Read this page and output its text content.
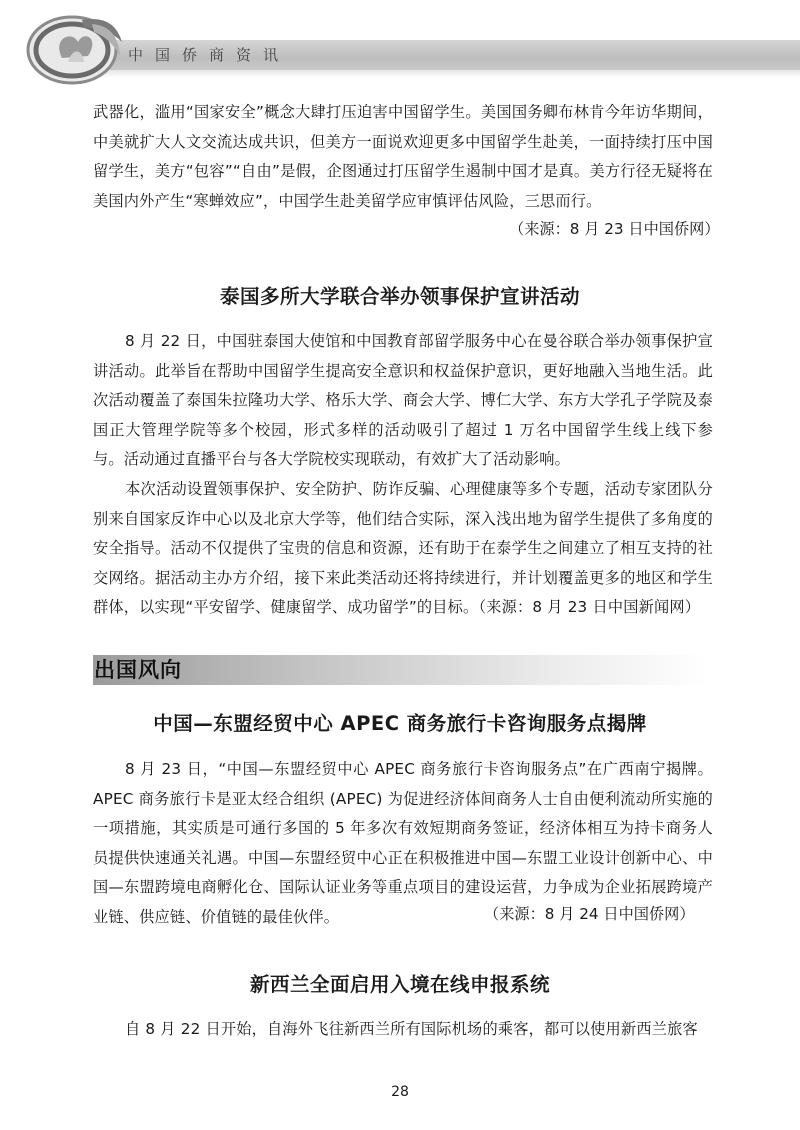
中国侨商资讯

武器化，滥用“国家安全”概念大肆打压迫害中国留学生。美国国务卿布林肯今年访华期间，中美就扩大人文交流达成共识，但美方一面说欢迎更多中国留学生赴美，一面持续打压中国留学生，美方“包容”“自由”是假，企图通过打压留学生遏制中国才是真。美方行径无疑将在美国内外产生“寒蝉效应”，中国学生赴美留学应审慎评估风险，三思而行。

（来源：8 月 23 日中国侨网）
泰国多所大学联合举办领事保护宣讲活动

8 月 22 日，中国驻泰国大使馆和中国教育部留学服务中心在曼谷联合举办领事保护宣讲活动。此举旨在帮助中国留学生提高安全意识和权益保护意识，更好地融入当地生活。此次活动覆盖了泰国朱拉隆功大学、格乐大学、商会大学、博仁大学、东方大学孔子学院及泰国正大管理学院等多个校园，形式多样的活动吸引了超过 1 万名中国留学生线上线下参与。活动通过直播平台与各大学院校实现联动，有效扩大了活动影响。

本次活动设置领事保护、安全防护、防诈反骗、心理健康等多个专题，活动专家团队分别来自国家反诈中心以及北京大学等，他们结合实际，深入浅出地为留学生提供了多角度的安全指导。活动不仅提供了宝贵的信息和资源，还有助于在泰学生之间建立了相互支持的社交网络。据活动主办方介绍，接下来此类活动还将持续进行，并计划覆盖更多的地区和学生群体，以实现“平安留学、健康留学、成功留学”的目标。（来源：8 月 23 日中国新闻网）

出国风向
中国—东盟经贸中心 APEC 商务旅行卡咨询服务点揭牌

8 月 23 日，“中国—东盟经贸中心 APEC 商务旅行卡咨询服务点”在广西南宁揭牌。APEC 商务旅行卡是亚太经合组织 (APEC) 为促进经济体间商务人士自由便利流动所实施的一项措施，其实质是可通行多国的 5 年多次有效短期商务签证，经济体相互为持卡商务人员提供快速通关礼遇。中国—东盟经贸中心正在积极推进中国—东盟工业设计创新中心、中国—东盟跨境电商孵化仓、国际认证业务等重点项目的建设运营，力争成为企业拓展跨境产业链、供应链、价值链的最佳伙伴。	（来源：8 月 24 日中国侨网）
新西兰全面启用入境在线申报系统

自 8 月 22 日开始，自海外飞往新西兰所有国际机场的乘客，都可以使用新西兰旅客

28
